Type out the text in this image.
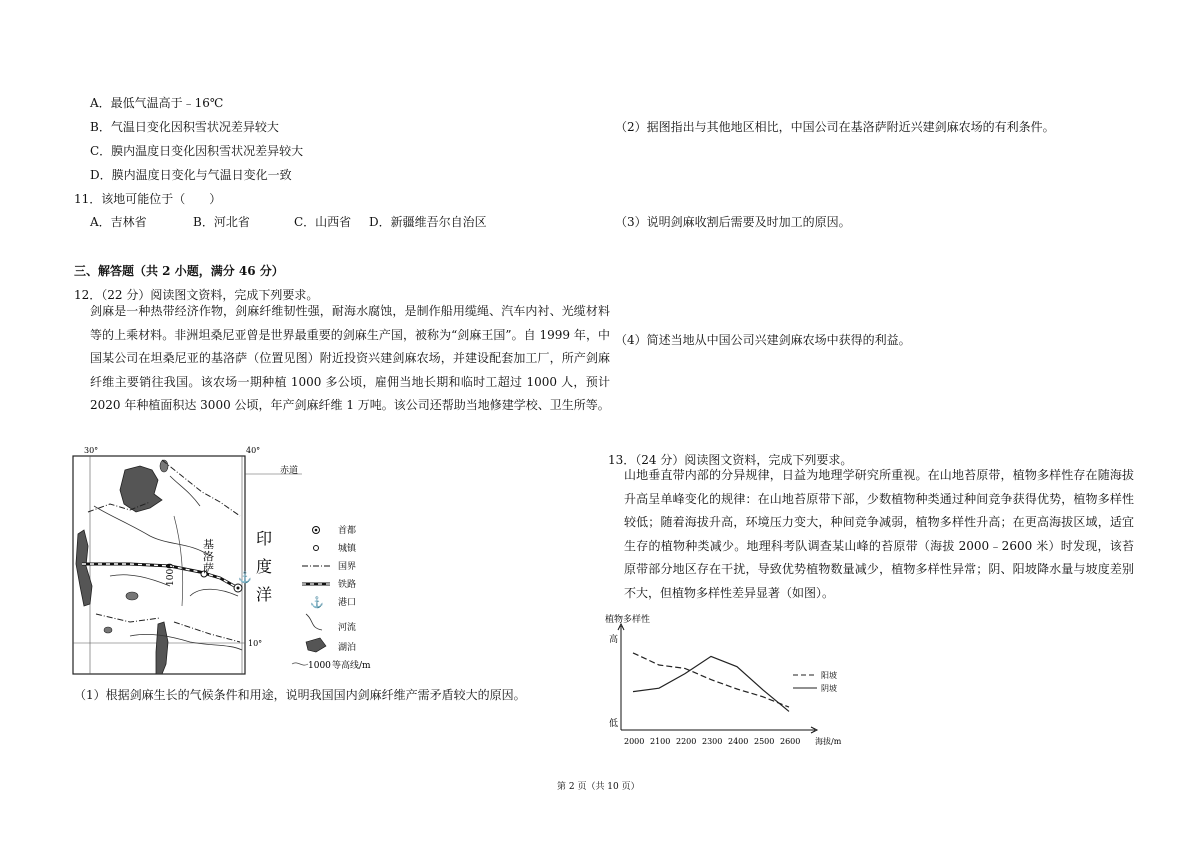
A．最低气温高于﹣16℃
B．气温日变化因积雪状况差异较大
C．膜内温度日变化因积雪状况差异较大
D．膜内温度日变化与气温日变化一致
11．该地可能位于（　　）
A．吉林省	B．河北省	C．山西省 D．新疆维吾尔自治区
三、解答题（共 2 小题，满分 46 分）
12．（22 分）阅读图文资料，完成下列要求。
剑麻是一种热带经济作物，剑麻纤维韧性强，耐海水腐蚀，是制作船用缆绳、汽车内衬、光缆材料等的上乘材料。非洲坦桑尼亚曾是世界最重要的剑麻生产国，被称为“剑麻王国”。自 1999 年，中国某公司在坦桑尼亚的基洛萨（位置见图）附近投资兴建剑麻农场，并建设配套加工厂，所产剑麻纤维主要销往我国。该农场一期种植 1000 多公顷，雇佣当地长期和临时工超过 1000 人，预计 2020 年种植面积达 3000 公顷，年产剑麻纤维 1 万吨。该公司还帮助当地修建学校、卫生所等。
1000
基
洛
萨
⚓
30°	40°
10°
赤道
印
度
洋
首都
城镇
国界
铁路
⚓ 港口
河流
湖泊
1000 等高线/m
（1）根据剑麻生长的气候条件和用途，说明我国国内剑麻纤维产需矛盾较大的原因。
（2）据图指出与其他地区相比，中国公司在基洛萨附近兴建剑麻农场的有利条件。
（3）说明剑麻收割后需要及时加工的原因。
（4）简述当地从中国公司兴建剑麻农场中获得的利益。
13．（24 分）阅读图文资料，完成下列要求。
山地垂直带内部的分异规律，日益为地理学研究所重视。在山地苔原带，植物多样性存在随海拔升高呈单峰变化的规律：在山地苔原带下部，少数植物种类通过种间竞争获得优势，植物多样性较低；随着海拔升高，环境压力变大，种间竞争减弱，植物多样性升高；在更高海拔区域，适宜生存的植物种类减少。地理科考队调查某山峰的苔原带（海拔 2000﹣2600 米）时发现，该苔原带部分地区存在干扰，导致优势植物数量减少，植物多样性异常；阴、阳坡降水量与坡度差别不大，但植物多样性差异显著（如图）。
植物多样性
高
低
2000 2100 2200 2300 2400 2500 2600 海拔/m
阳坡
阴坡
第 2 页（共 10 页）
